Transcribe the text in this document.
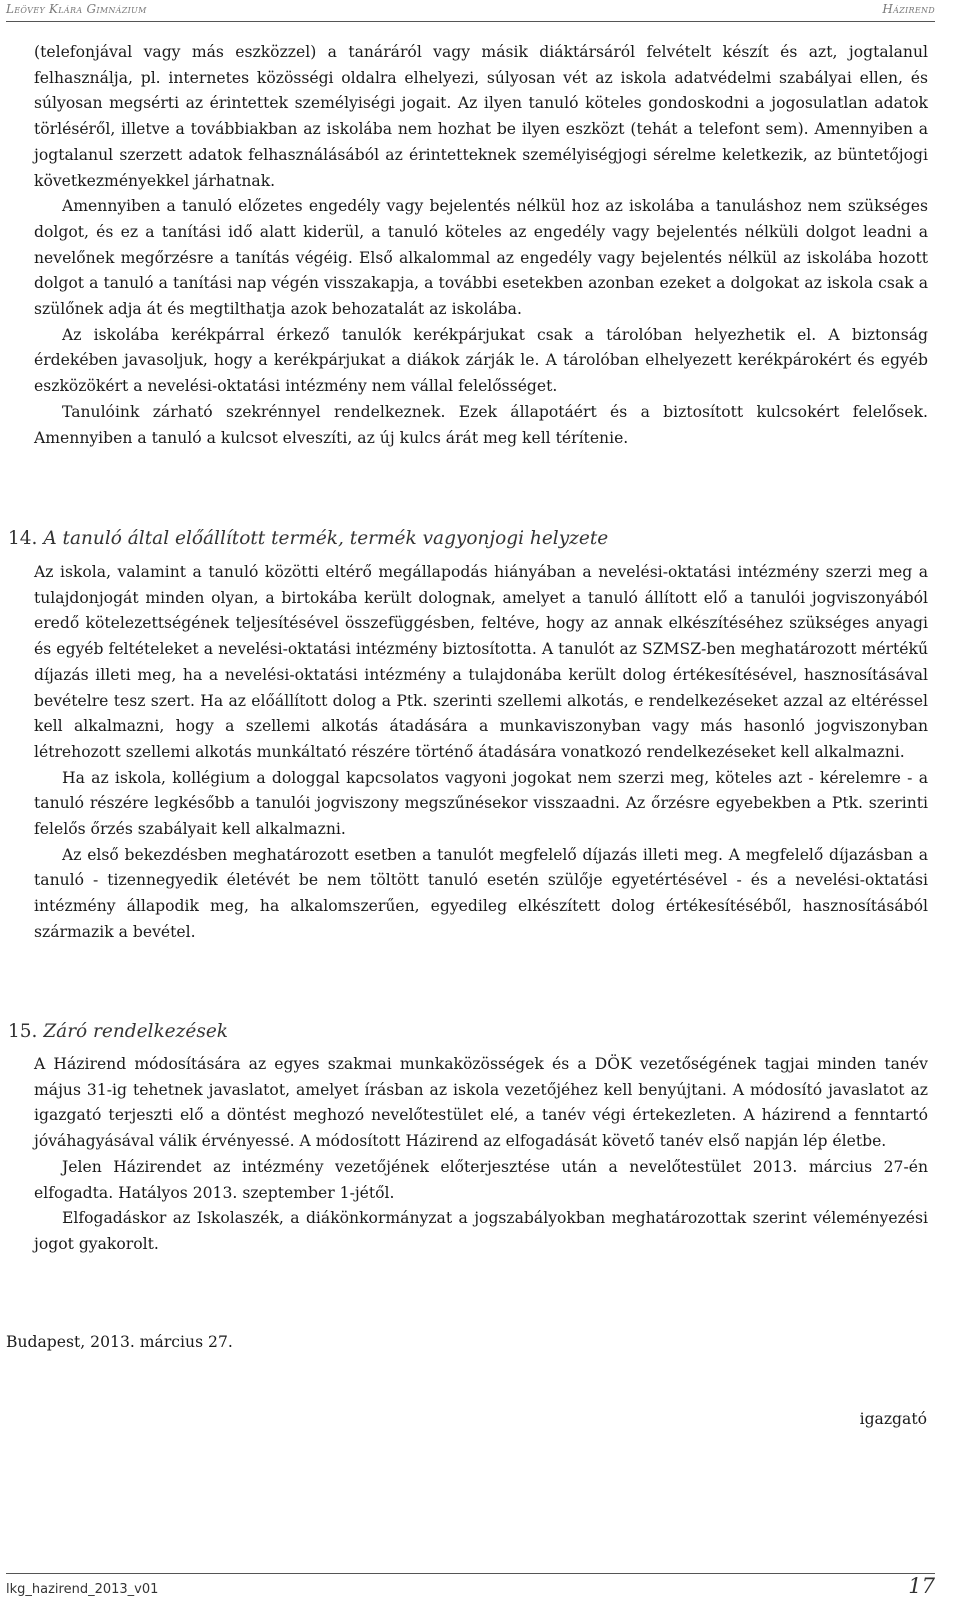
Leövey Klára Gimnázium	Házirend

(telefonjával vagy más eszközzel) a tanáráról vagy másik diáktársáról felvételt készít és azt, jogtalanul felhasználja, pl. internetes közösségi oldalra elhelyezi, súlyosan vét az iskola adatvédelmi szabályai ellen, és súlyosan megsérti az érintettek személyiségi jogait. Az ilyen tanuló köteles gondoskodni a jogosulatlan adatok törléséről, illetve a továbbiakban az iskolába nem hozhat be ilyen eszközt (tehát a telefont sem). Amennyiben a jogtalanul szerzett adatok felhasználásából az érintetteknek személyiségjogi sérelme keletkezik, az büntetőjogi következményekkel járhatnak.

Amennyiben a tanuló előzetes engedély vagy bejelentés nélkül hoz az iskolába a tanuláshoz nem szükséges dolgot, és ez a tanítási idő alatt kiderül, a tanuló köteles az engedély vagy bejelentés nélküli dolgot leadni a nevelőnek megőrzésre a tanítás végéig. Első alkalommal az engedély vagy bejelentés nélkül az iskolába hozott dolgot a tanuló a tanítási nap végén visszakapja, a további esetekben azonban ezeket a dolgokat az iskola csak a szülőnek adja át és megtilthatja azok behozatalát az iskolába.

Az iskolába kerékpárral érkező tanulók kerékpárjukat csak a tárolóban helyezhetik el. A biztonság érdekében javasoljuk, hogy a kerékpárjukat a diákok zárják le. A tárolóban elhelyezett kerékpárokért és egyéb eszközökért a nevelési-oktatási intézmény nem vállal felelősséget.

Tanulóink zárható szekrénnyel rendelkeznek. Ezek állapotáért és a biztosított kulcsokért felelősek. Amennyiben a tanuló a kulcsot elveszíti, az új kulcs árát meg kell térítenie.

14. A tanuló által előállított termék, termék vagyonjogi helyzete

Az iskola, valamint a tanuló közötti eltérő megállapodás hiányában a nevelési-oktatási intézmény szerzi meg a tulajdonjogát minden olyan, a birtokába került dolognak, amelyet a tanuló állított elő a tanulói jogviszonyából eredő kötelezettségének teljesítésével összefüggésben, feltéve, hogy az annak elkészítéséhez szükséges anyagi és egyéb feltételeket a nevelési-oktatási intézmény biztosította. A tanulót az SZMSZ-ben meghatározott mértékű díjazás illeti meg, ha a nevelési-oktatási intézmény a tulajdonába került dolog értékesítésével, hasznosításával bevételre tesz szert. Ha az előállított dolog a Ptk. szerinti szellemi alkotás, e rendelkezéseket azzal az eltéréssel kell alkalmazni, hogy a szellemi alkotás átadására a munkaviszonyban vagy más hasonló jogviszonyban létrehozott szellemi alkotás munkáltató részére történő átadására vonatkozó rendelkezéseket kell alkalmazni.

Ha az iskola, kollégium a dologgal kapcsolatos vagyoni jogokat nem szerzi meg, köteles azt - kérelemre - a tanuló részére legkésőbb a tanulói jogviszony megszűnésekor visszaadni. Az őrzésre egyebekben a Ptk. szerinti felelős őrzés szabályait kell alkalmazni.

Az első bekezdésben meghatározott esetben a tanulót megfelelő díjazás illeti meg. A megfelelő díjazásban a tanuló - tizennegyedik életévét be nem töltött tanuló esetén szülője egyetértésével - és a nevelési-oktatási intézmény állapodik meg, ha alkalomszerűen, egyedileg elkészített dolog értékesítéséből, hasznosításából származik a bevétel.

15. Záró rendelkezések

A Házirend módosítására az egyes szakmai munkaközösségek és a DÖK vezetőségének tagjai minden tanév május 31-ig tehetnek javaslatot, amelyet írásban az iskola vezetőjéhez kell benyújtani. A módosító javaslatot az igazgató terjeszti elő a döntést meghozó nevelőtestület elé, a tanév végi értekezleten. A házirend a fenntartó jóváhagyásával válik érvényessé. A módosított Házirend az elfogadását követő tanév első napján lép életbe.

Jelen Házirendet az intézmény vezetőjének előterjesztése után a nevelőtestület 2013. március 27-én elfogadta. Hatályos 2013. szeptember 1-jétől.

Elfogadáskor az Iskolaszék, a diákönkormányzat a jogszabályokban meghatározottak szerint véleményezési jogot gyakorolt.

Budapest, 2013. március 27.
igazgató
lkg_hazirend_2013_v01	17
